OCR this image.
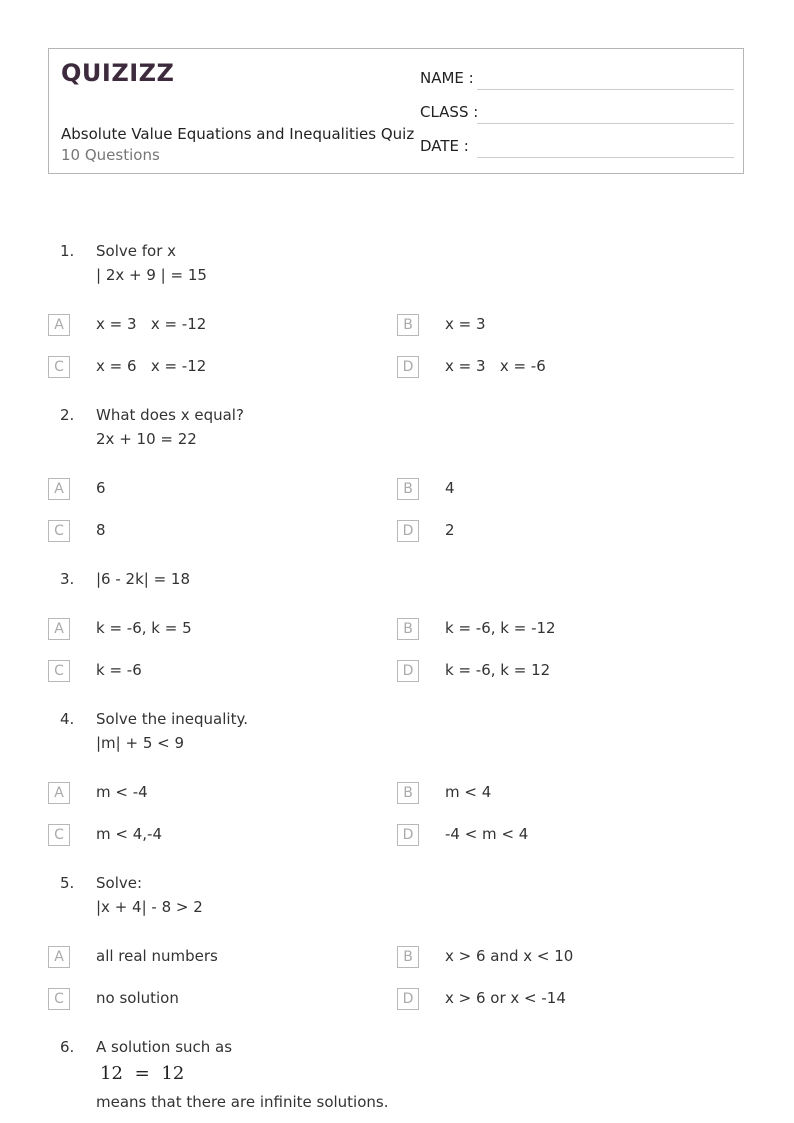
QUIZIZZ
Absolute Value Equations and Inequalities Quiz
10 Questions
NAME :
CLASS :
DATE :
1. Solve for x
| 2x + 9 | = 15
A	x = 3   x = -12	B	x = 3
C	x = 6   x = -12	D	x = 3   x = -6
2. What does x equal?
2x + 10 = 22
A	6	B	4
C	8	D	2
3. |6 - 2k| = 18
A	k = -6, k = 5	B	k = -6, k = -12
C	k = -6	D	k = -6, k = 12
4. Solve the inequality.
|m| + 5 < 9
A	m < -4	B	m < 4
C	m < 4,-4	D	-4 < m < 4
5. Solve:
|x + 4| - 8 > 2
A	all real numbers	B	x > 6 and x < 10
C	no solution	D	x > 6 or x < -14
6. A solution such as
12 = 12
means that there are infinite solutions.
